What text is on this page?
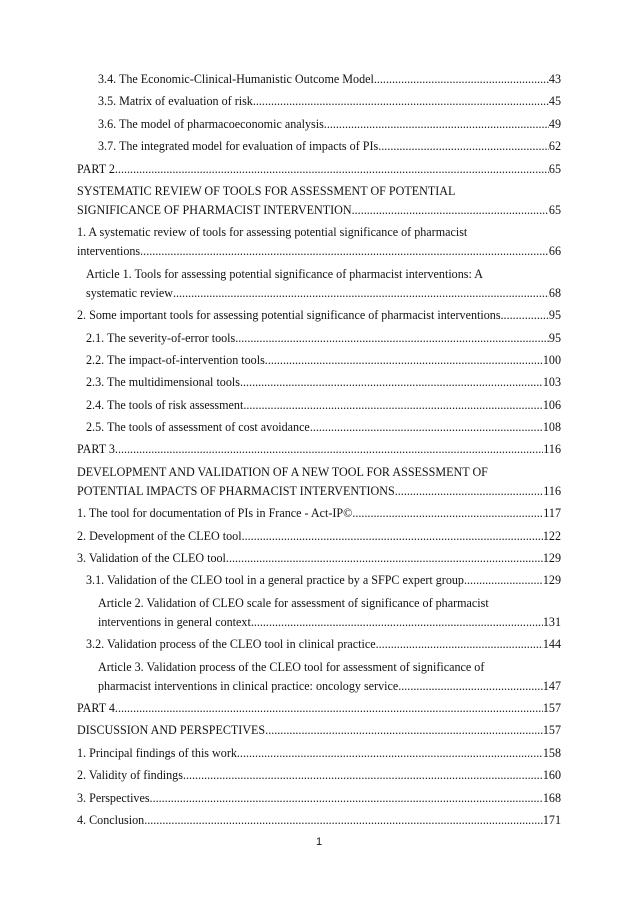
3.4. The Economic-Clinical-Humanistic Outcome Model .....	43
3.5. Matrix of evaluation of risk .....	45
3.6. The model of pharmacoeconomic analysis .....	49
3.7. The integrated model for evaluation of impacts of PIs .....	62
PART 2. .....	65
SYSTEMATIC REVIEW OF TOOLS FOR ASSESSMENT OF POTENTIAL
SIGNIFICANCE OF PHARMACIST INTERVENTION .....	65
1. A systematic review of tools for assessing potential significance of pharmacist
interventions .....	66
Article 1. Tools for assessing potential significance of pharmacist interventions: A
systematic review .....	68
2. Some important tools for assessing potential significance of pharmacist interventions .....	95
2.1. The severity-of-error tools .....	95
2.2. The impact-of-intervention tools .....	100
2.3. The multidimensional tools .....	103
2.4. The tools of risk assessment .....	106
2.5. The tools of assessment of cost avoidance .....	108
PART 3. .....	116
DEVELOPMENT AND VALIDATION OF A NEW TOOL FOR ASSESSMENT OF
POTENTIAL IMPACTS OF PHARMACIST INTERVENTIONS .....	116
1. The tool for documentation of PIs in France - Act-IP© .....	117
2. Development of the CLEO tool .....	122
3. Validation of the CLEO tool .....	129
3.1. Validation of the CLEO tool in a general practice by a SFPC expert group .....	129
Article 2. Validation of CLEO scale for assessment of significance of pharmacist
interventions in general context .....	131
3.2. Validation process of the CLEO tool in clinical practice .....	144
Article 3. Validation process of the CLEO tool for assessment of significance of
pharmacist interventions in clinical practice: oncology service .....	147
PART 4. .....	157
DISCUSSION AND PERSPECTIVES .....	157
1. Principal findings of this work .....	158
2. Validity of findings .....	160
3. Perspectives .....	168
4. Conclusion .....	171
1
